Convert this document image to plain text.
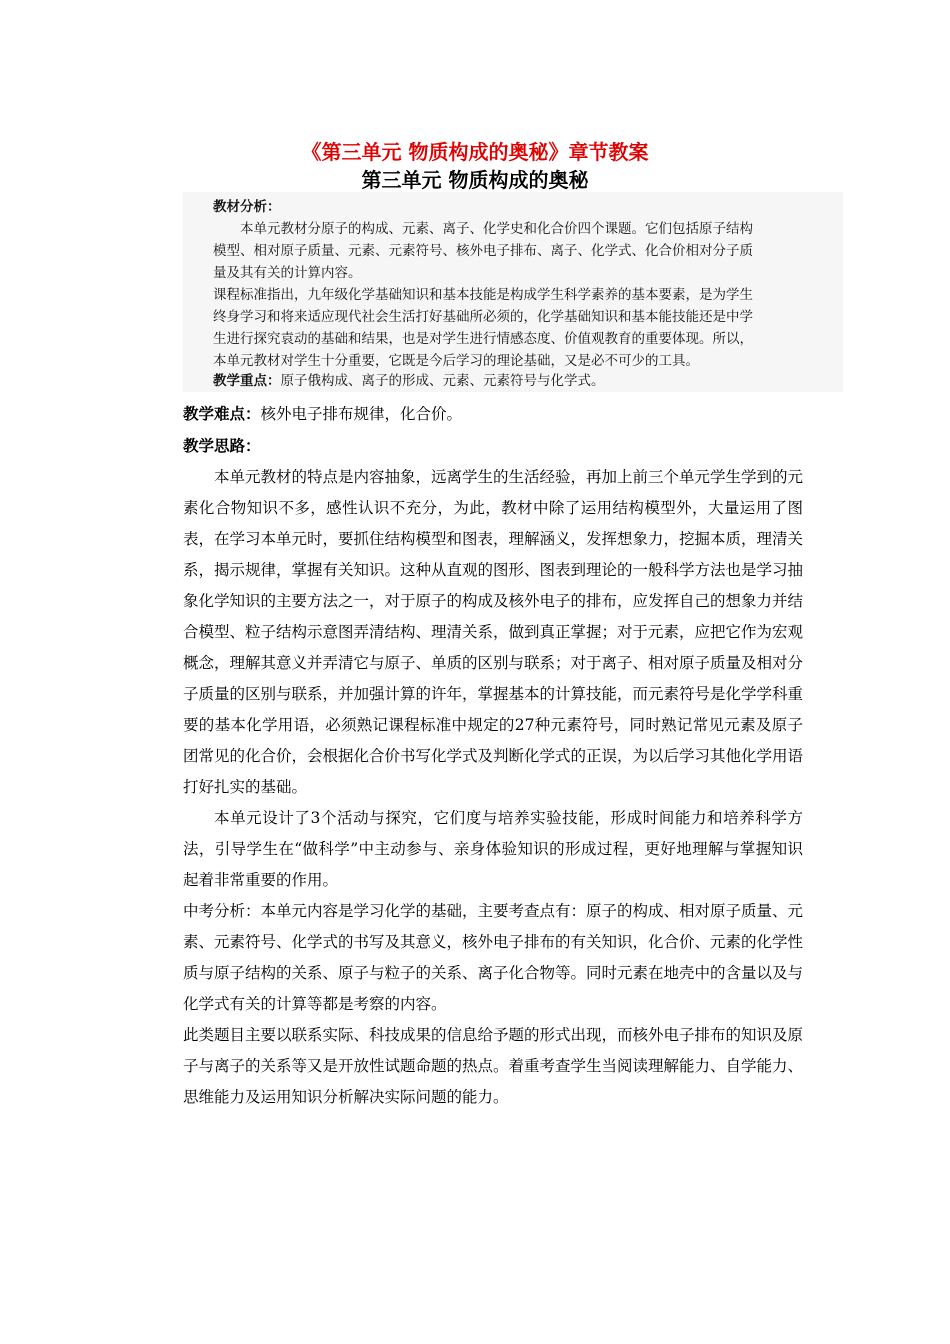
《第三单元 物质构成的奥秘》章节教案
第三单元 物质构成的奥秘
教材分析：
　　本单元教材分原子的构成、元素、离子、化学史和化合价四个课题。它们包括原子结构
模型、相对原子质量、元素、元素符号、核外电子排布、离子、化学式、化合价相对分子质
量及其有关的计算内容。
课程标准指出，九年级化学基础知识和基本技能是构成学生科学素养的基本要素，是为学生
终身学习和将来适应现代社会生活打好基础所必须的，化学基础知识和基本能技能还是中学
生进行探究袁动的基础和结果，也是对学生进行情感态度、价值观教育的重要体现。所以，
本单元教材对学生十分重要，它既是今后学习的理论基础，又是必不可少的工具。
教学重点：原子俄构成、离子的形成、元素、元素符号与化学式。

教学难点：核外电子排布规律，化合价。

教学思路：

本单元教材的特点是内容抽象，远离学生的生活经验，再加上前三个单元学生学到的元素化合物知识不多，感性认识不充分，为此，教材中除了运用结构模型外，大量运用了图表，在学习本单元时，要抓住结构模型和图表，理解涵义，发挥想象力，挖掘本质，理清关系，揭示规律，掌握有关知识。这种从直观的图形、图表到理论的一般科学方法也是学习抽象化学知识的主要方法之一，对于原子的构成及核外电子的排布，应发挥自己的想象力并结合模型、粒子结构示意图弄清结构、理清关系，做到真正掌握；对于元素，应把它作为宏观概念，理解其意义并弄清它与原子、单质的区别与联系；对于离子、相对原子质量及相对分子质量的区别与联系，并加强计算的许年，掌握基本的计算技能，而元素符号是化学学科重要的基本化学用语，必须熟记课程标准中规定的27种元素符号，同时熟记常见元素及原子团常见的化合价，会根据化合价书写化学式及判断化学式的正误，为以后学习其他化学用语打好扎实的基础。

本单元设计了3个活动与探究，它们度与培养实验技能，形成时间能力和培养科学方法，引导学生在“做科学”中主动参与、亲身体验知识的形成过程，更好地理解与掌握知识起着非常重要的作用。

中考分析：本单元内容是学习化学的基础，主要考查点有：原子的构成、相对原子质量、元素、元素符号、化学式的书写及其意义，核外电子排布的有关知识，化合价、元素的化学性质与原子结构的关系、原子与粒子的关系、离子化合物等。同时元素在地壳中的含量以及与化学式有关的计算等都是考察的内容。

此类题目主要以联系实际、科技成果的信息给予题的形式出现，而核外电子排布的知识及原子与离子的关系等又是开放性试题命题的热点。着重考查学生当阅读理解能力、自学能力、思维能力及运用知识分析解决实际问题的能力。
